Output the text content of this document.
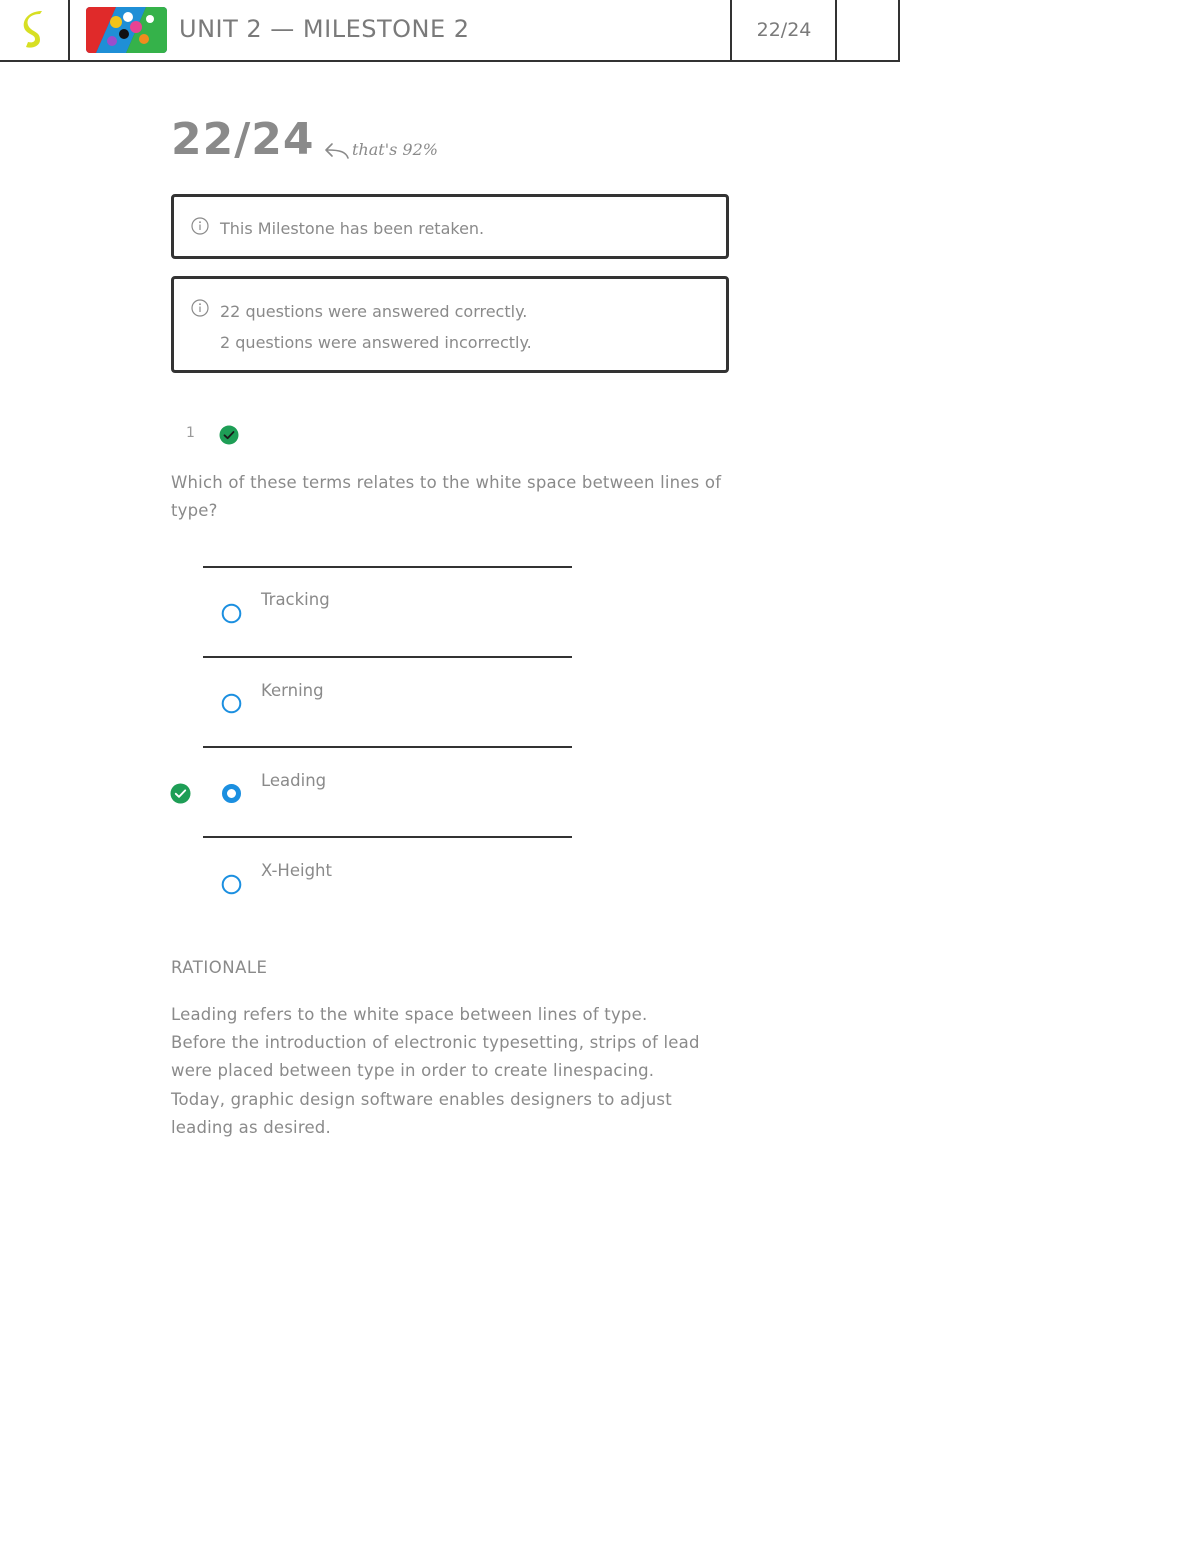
UNIT 2 — MILESTONE 2	22/24
22/24 that's 92%
This Milestone has been retaken.
22 questions were answered correctly.
2 questions were answered incorrectly.
1
Which of these terms relates to the white space between lines of type?
Tracking
Kerning
Leading
X-Height
RATIONALE
Leading refers to the white space between lines of type. Before the introduction of electronic typesetting, strips of lead were placed between type in order to create linespacing. Today, graphic design software enables designers to adjust leading as desired.
